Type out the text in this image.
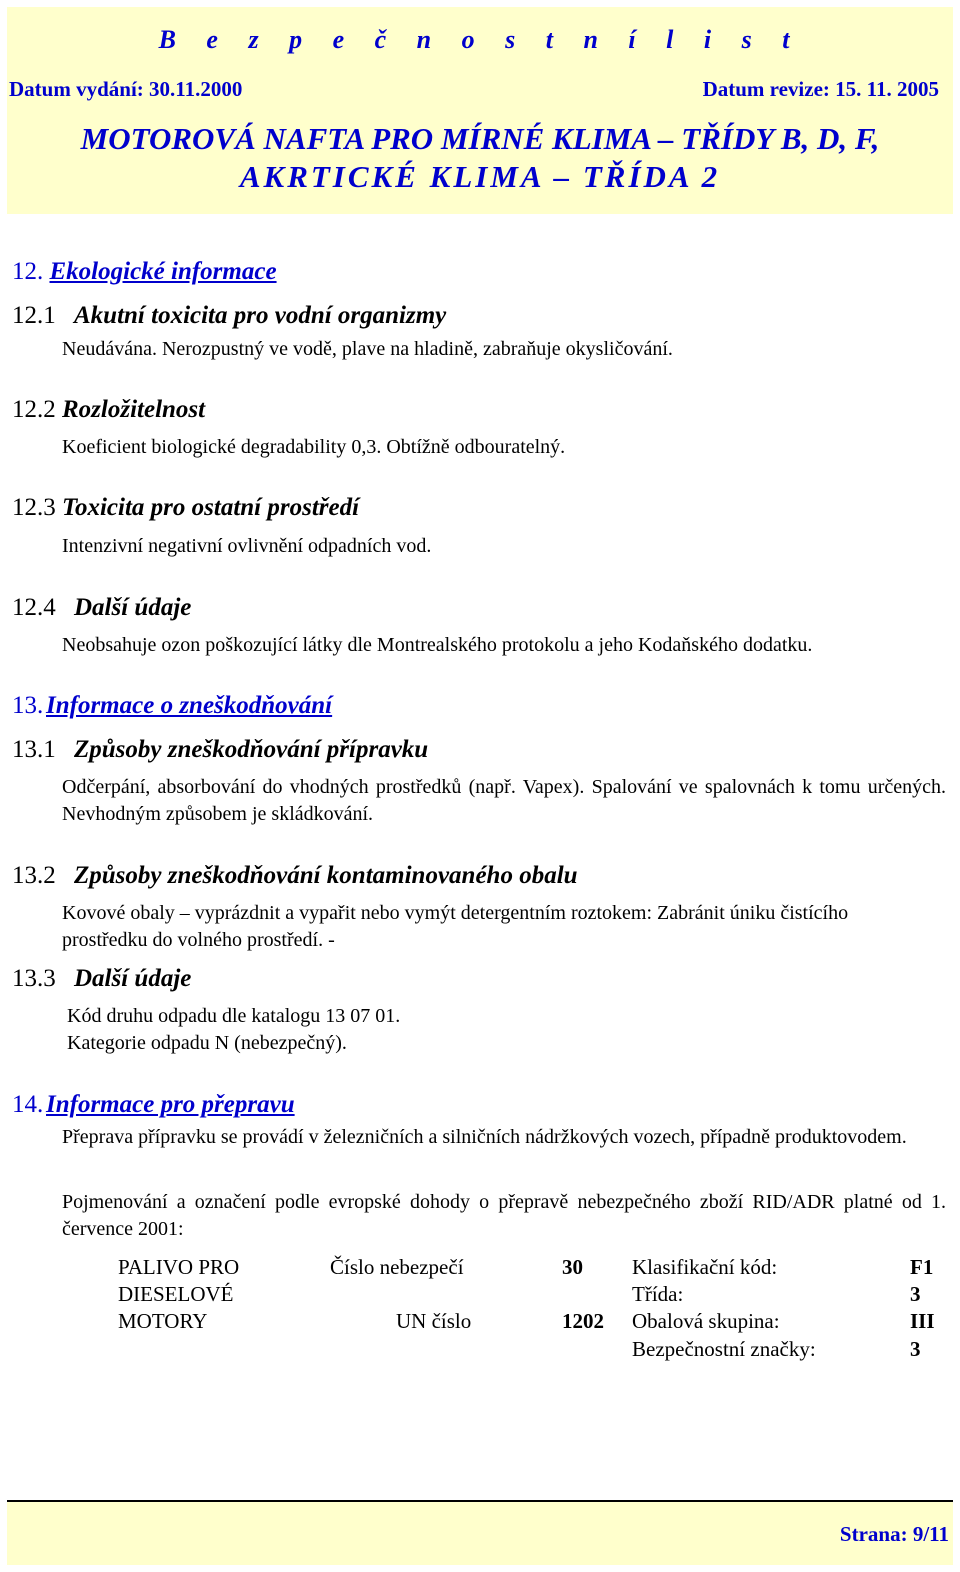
B e z p e č n o s t n í l i s t
Datum vydání: 30.11.2000	Datum revize: 15. 11. 2005
MOTOROVÁ NAFTA PRO MÍRNÉ KLIMA – TŘÍDY B, D, F,
AKRTICKÉ KLIMA – TŘÍDA 2
12. Ekologické informace
12.1 Akutní toxicita pro vodní organizmy
Neudávána. Nerozpustný ve vodě, plave na hladině, zabraňuje okysličování.
12.2 Rozložitelnost
Koeficient biologické degradability 0,3. Obtížně odbouratelný.
12.3 Toxicita pro ostatní prostředí
Intenzivní negativní ovlivnění odpadních vod.
12.4 Další údaje
Neobsahuje ozon poškozující látky dle Montrealského protokolu a jeho Kodaňského dodatku.
13. Informace o zneškodňování
13.1 Způsoby zneškodňování přípravku
Odčerpání, absorbování do vhodných prostředků (např. Vapex). Spalování ve spalovnách k tomu určených. Nevhodným způsobem je skládkování.
13.2 Způsoby zneškodňování kontaminovaného obalu
Kovové obaly – vyprázdnit a vypařit nebo vymýt detergentním roztokem: Zabránit úniku čistícího prostředku do volného prostředí. -
13.3 Další údaje
Kód druhu odpadu dle katalogu 13 07 01.
Kategorie odpadu N (nebezpečný).
14. Informace pro přepravu
Přeprava přípravku se provádí v železničních a silničních nádržkových vozech, případně produktovodem.
Pojmenování a označení podle evropské dohody o přepravě nebezpečného zboží RID/ADR platné od 1. července 2001:
PALIVO PRO
DIESELOVÉ
MOTORY
Číslo nebezpečí
UN číslo
30
1202
Klasifikační kód:
Třída:
Obalová skupina:
Bezpečnostní značky:
F1
3
III
3
Strana: 9/11
